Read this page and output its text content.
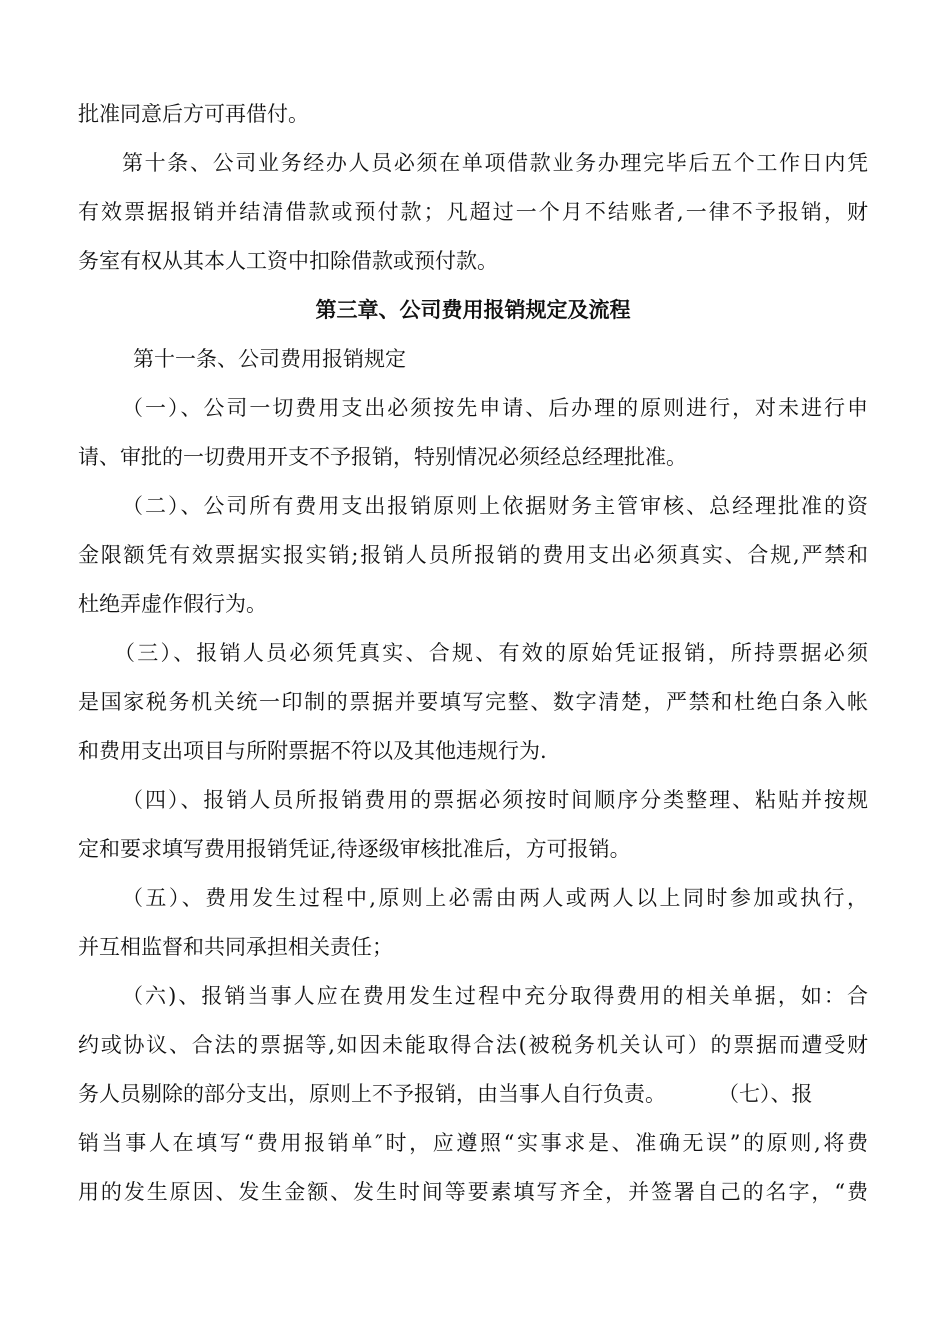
批准同意后方可再借付。
第十条、公司业务经办人员必须在单项借款业务办理完毕后五个工作日内凭
有效票据报销并结清借款或预付款；凡超过一个月不结账者,一律不予报销，财
务室有权从其本人工资中扣除借款或预付款。
第三章、公司费用报销规定及流程
第十一条、公司费用报销规定
（一）、公司一切费用支出必须按先申请、后办理的原则进行，对未进行申
请、审批的一切费用开支不予报销，特别情况必须经总经理批准。
（二）、公司所有费用支出报销原则上依据财务主管审核、总经理批准的资
金限额凭有效票据实报实销;报销人员所报销的费用支出必须真实、合规,严禁和
杜绝弄虚作假行为。
（三）、报销人员必须凭真实、合规、有效的原始凭证报销，所持票据必须
是国家税务机关统一印制的票据并要填写完整、数字清楚，严禁和杜绝白条入帐
和费用支出项目与所附票据不符以及其他违规行为.
（四）、报销人员所报销费用的票据必须按时间顺序分类整理、粘贴并按规
定和要求填写费用报销凭证,待逐级审核批准后，方可报销。
（五）、费用发生过程中,原则上必需由两人或两人以上同时参加或执行，
并互相监督和共同承担相关责任；
（六)、报销当事人应在费用发生过程中充分取得费用的相关单据，如：合
约或协议、合法的票据等,如因未能取得合法(被税务机关认可）的票据而遭受财
务人员剔除的部分支出，原则上不予报销，由当事人自行负责。 （七）、报
销当事人在填写“费用报销单″时，应遵照“实事求是、准确无误”的原则,将费
用的发生原因、发生金额、发生时间等要素填写齐全，并签署自己的名字，“费
